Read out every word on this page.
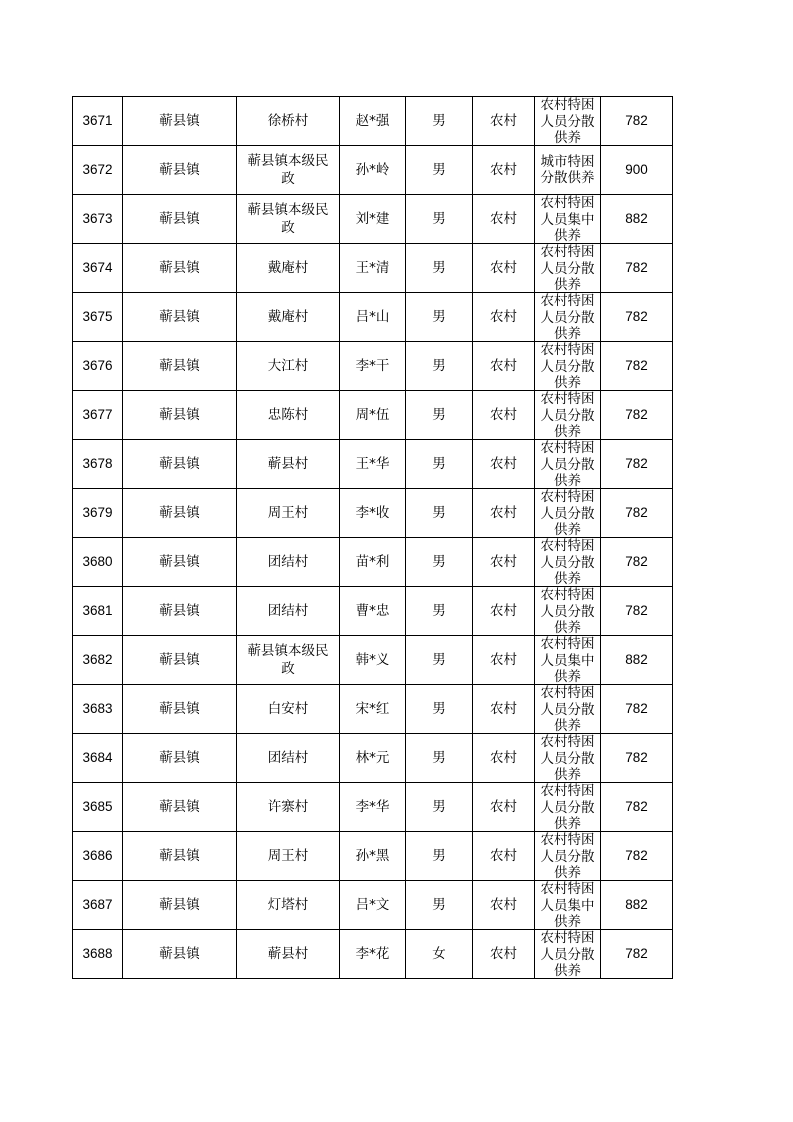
3671	蕲县镇	徐桥村	赵*强	男	农村	农村特困人员分散供养	782
3672	蕲县镇	蕲县镇本级民政	孙*岭	男	农村	城市特困分散供养	900
3673	蕲县镇	蕲县镇本级民政	刘*建	男	农村	农村特困人员集中供养	882
3674	蕲县镇	戴庵村	王*清	男	农村	农村特困人员分散供养	782
3675	蕲县镇	戴庵村	吕*山	男	农村	农村特困人员分散供养	782
3676	蕲县镇	大江村	李*干	男	农村	农村特困人员分散供养	782
3677	蕲县镇	忠陈村	周*伍	男	农村	农村特困人员分散供养	782
3678	蕲县镇	蕲县村	王*华	男	农村	农村特困人员分散供养	782
3679	蕲县镇	周王村	李*收	男	农村	农村特困人员分散供养	782
3680	蕲县镇	团结村	苗*利	男	农村	农村特困人员分散供养	782
3681	蕲县镇	团结村	曹*忠	男	农村	农村特困人员分散供养	782
3682	蕲县镇	蕲县镇本级民政	韩*义	男	农村	农村特困人员集中供养	882
3683	蕲县镇	白安村	宋*红	男	农村	农村特困人员分散供养	782
3684	蕲县镇	团结村	林*元	男	农村	农村特困人员分散供养	782
3685	蕲县镇	许寨村	李*华	男	农村	农村特困人员分散供养	782
3686	蕲县镇	周王村	孙*黑	男	农村	农村特困人员分散供养	782
3687	蕲县镇	灯塔村	吕*文	男	农村	农村特困人员集中供养	882
3688	蕲县镇	蕲县村	李*花	女	农村	农村特困人员分散供养	782
